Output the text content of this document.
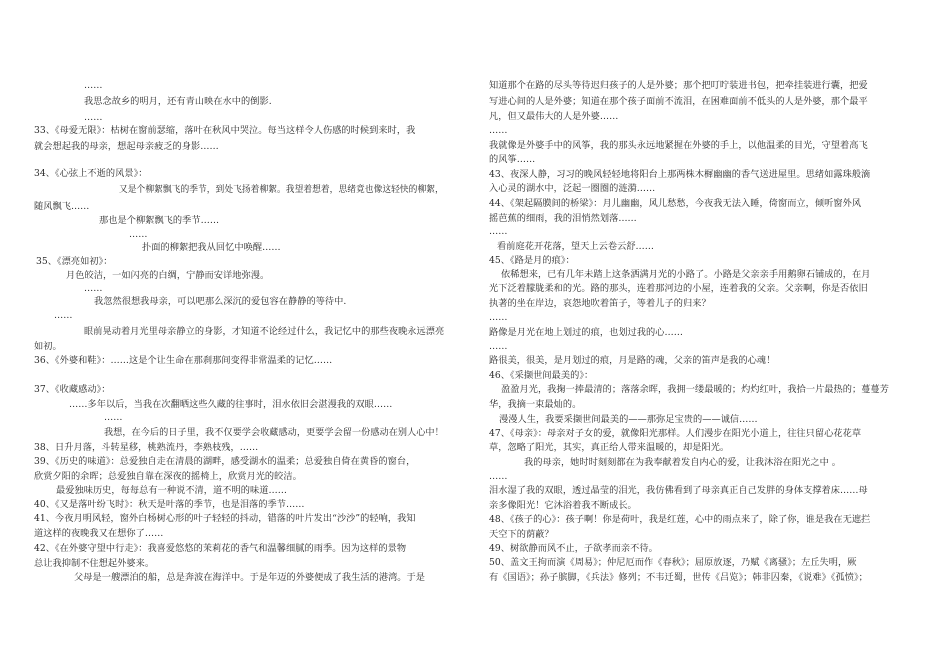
……
我思念故乡的明月，还有青山映在水中的倒影.
……
33、《母爱无限》：枯树在窗前瑟缩，落叶在秋风中哭泣。每当这样令人伤感的时候到来时，我
就会想起我的母亲，想起母亲疲乏的身影……
34、《心弦上不逝的风景》：
又是个柳絮飘飞的季节，到处飞扬着柳絮。我望着想着，思绪竟也像这轻快的柳絮，
随风飘飞……
那也是个柳絮飘飞的季节……
……
扑面的柳絮把我从回忆中唤醒……
35、《漂亮如初》：
月色皎洁，一如闪亮的白绸，宁静而安详地弥漫。
……
我忽然很想我母亲，可以吧那么深沉的爱包容在静静的等待中.
……
眼前晃动着月光里母亲静立的身影，才知道不论经过什么，我记忆中的那些夜晚永远漂亮
如初。
36、《外婆和鞋》：……这是个让生命在那刹那间变得非常温柔的记忆……
37、《收藏感动》：
……多年以后，当我在次翻晒这些久藏的往事时，泪水依旧会湛漫我的双眼……
……
我想，在今后的日子里，我不仅要学会收藏感动，更要学会留一份感动在别人心中！
38、日升月落，斗转星移，桃熟流丹，李熟枝残，……
39、《历史的味道》：总爱独自走在清晨的湖畔，感受湖水的温柔；总爱独自倚在黄昏的窗台，
欣赏夕阳的余晖；总爱独自靠在深夜的摇椅上，欣赏月光的皎洁。
最爱独味历史，每每总有一种说不清，道不明的味道……
40、《又是落叶纷飞时》：秋天是叶落的季节，也是泪落的季节……
41、今夜月明风轻，窗外白杨树心形的叶子轻轻的抖动，错落的叶片发出“沙沙”的轻响，我知
道这样的夜晚我又在想你了……
42、《在外婆守望中行走》：我喜爱悠悠的茉莉花的香气和温馨细腻的雨季。因为这样的景物
总让我抑制不住想起外婆来。
父母是一艘漂泊的船，总是奔波在海洋中。于是年迈的外婆便成了我生活的港湾。于是
知道那个在路的尽头等待迟归孩子的人是外婆；那个把叮咛装进书包，把牵挂装进行囊，把爱
写进心间的人是外婆；知道在那个孩子面前不流泪，在困难面前不低头的人是外婆，那个最平
凡，但又最伟大的人是外婆……
……
我就像是外婆手中的风筝，我的那头永远地紧握在外婆的手上，以他温柔的目光，守望着高飞
的风筝……
43、夜深人静，习习的晚风轻轻地将阳台上那两株木樨幽幽的香气送进屋里。思绪如露珠般滴
入心灵的湖水中，泛起一圈圈的涟漪……
44、《架起隔膜间的桥梁》：月儿幽幽，风儿愁愁，今夜我无法入睡，倚窗而立，倾听窗外风
摇芭蕉的细雨，我的泪悄然划落……
……
看前庭花开花落，望天上云卷云舒……
45、《路是月的痕》：
依稀想来，已有几年未踏上这条洒满月光的小路了。小路是父亲亲手用鹅卵石铺成的，在月
光下泛着朦胧柔和的光。路的那头，连着那河边的小屋，连着我的父亲。父亲啊，你是否依旧
执著的坐在岸边，哀怨地吹着笛子，等着儿子的归来？
……
路像是月光在地上划过的痕，也划过我的心……
……
路很美，很美，是月划过的痕，月是路的魂，父亲的笛声是我的心魂！
46、《采撷世间最美的》：
盈盈月光，我掬一捧最清的；落落余晖，我拥一缕最暖的；灼灼红叶，我拾一片最热的；蔓蔓芳
华，我摘一束最灿的。
漫漫人生，我要采撷世间最美的——那弥足宝贵的——诚信……
47、《母亲》：母亲对子女的爱，就像阳光那样。人们漫步在阳光小道上，往往只留心花花草
草，忽略了阳光，其实，真正给人带来温暖的，却是阳光。
我的母亲，她时时刻刻都在为我奉献着发自内心的爱，让我沐浴在阳光之中 。
……
泪水湿了我的双眼，透过晶莹的泪光，我仿佛看到了母亲真正自己发胖的身体支撑着床……母
亲多像阳光！它沐浴着我不断成长。
48、《孩子的心》：孩子啊！你是荷叶，我是红莲，心中的雨点来了，除了你，谁是我在无遮拦
天空下的荫蔽？
49、树欲静而风不止，子欲孝而亲不待。
50、盖文王拘而演《周易》；仲尼厄而作《春秋》；屈原放逐，乃赋《离骚》；左丘失明，厥
有《国语》；孙子膑脚，《兵法》修列；不韦迁蜀，世传《吕览》；韩非囚秦，《说难》《孤愤》；
